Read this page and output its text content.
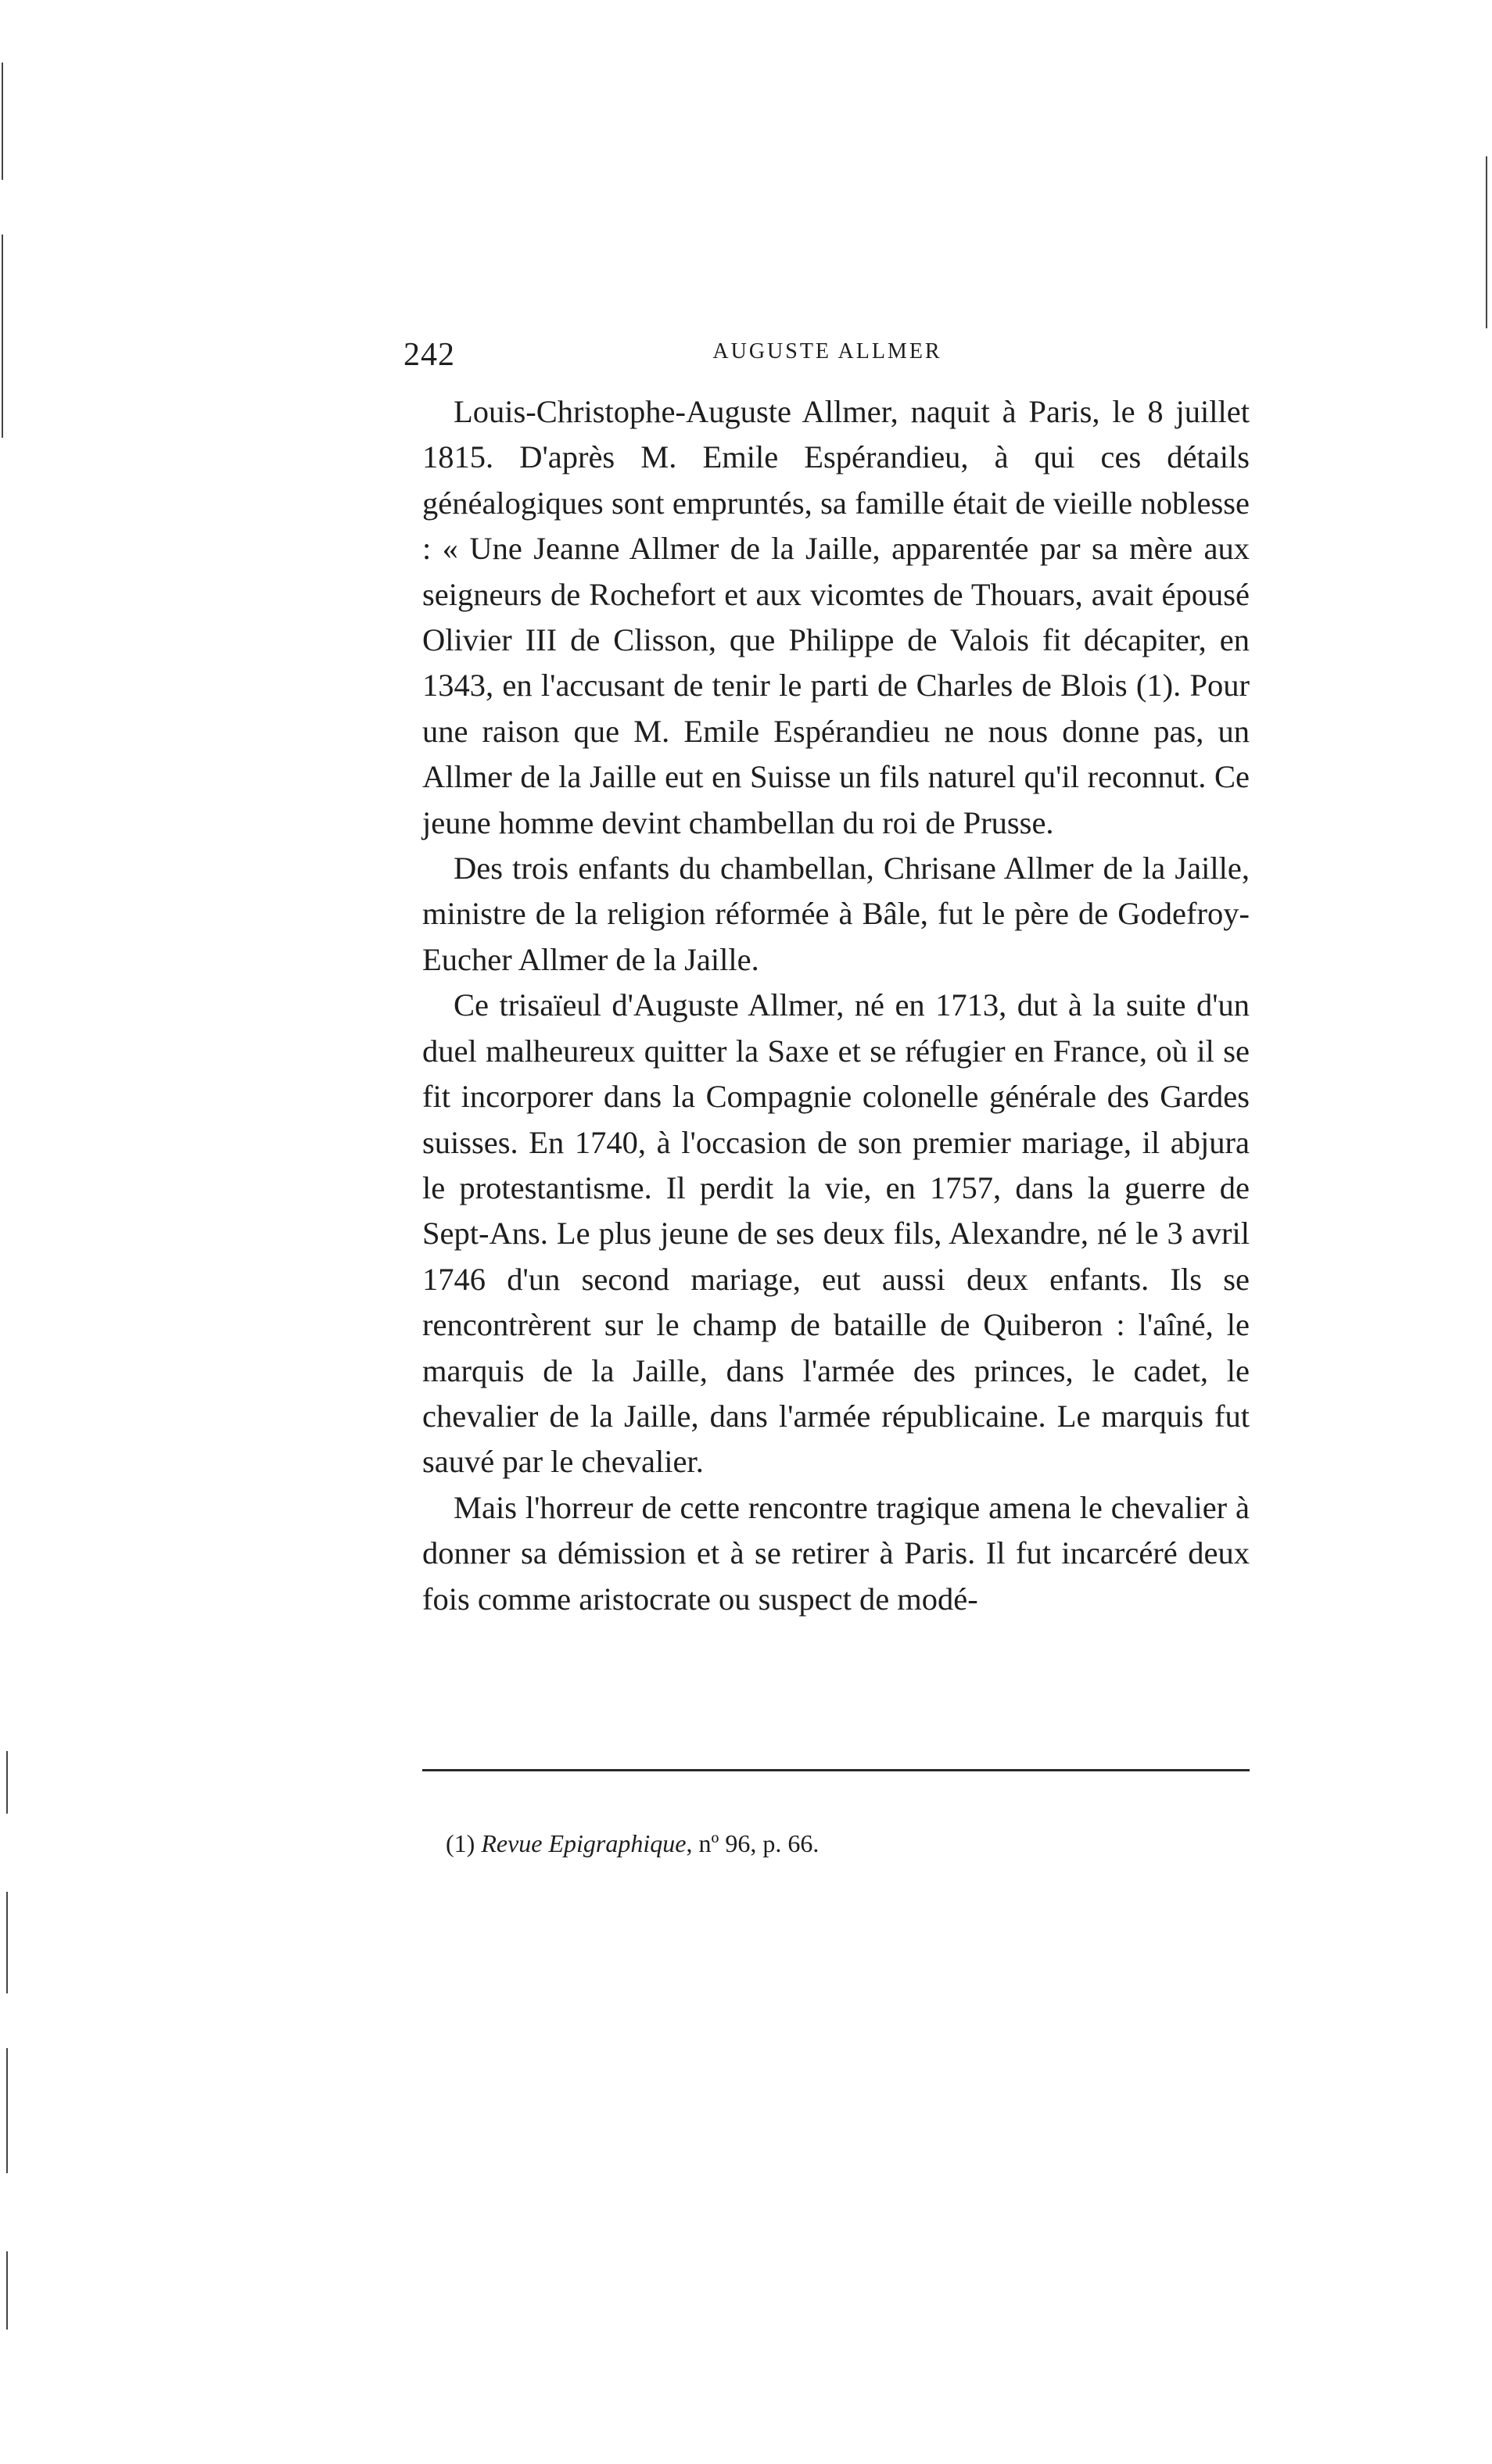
242	AUGUSTE ALLMER

Louis-Christophe-Auguste Allmer, naquit à Paris, le 8 juillet 1815. D'après M. Emile Espérandieu, à qui ces détails généalogiques sont empruntés, sa famille était de vieille noblesse : « Une Jeanne Allmer de la Jaille, apparentée par sa mère aux seigneurs de Rochefort et aux vicomtes de Thouars, avait épousé Olivier III de Clisson, que Philippe de Valois fit décapiter, en 1343, en l'accusant de tenir le parti de Charles de Blois (1). Pour une raison que M. Emile Espérandieu ne nous donne pas, un Allmer de la Jaille eut en Suisse un fils naturel qu'il reconnut. Ce jeune homme devint chambellan du roi de Prusse.

Des trois enfants du chambellan, Chrisane Allmer de la Jaille, ministre de la religion réformée à Bâle, fut le père de Godefroy-Eucher Allmer de la Jaille.

Ce trisaïeul d'Auguste Allmer, né en 1713, dut à la suite d'un duel malheureux quitter la Saxe et se réfugier en France, où il se fit incorporer dans la Compagnie colonelle générale des Gardes suisses. En 1740, à l'occasion de son premier mariage, il abjura le protestantisme. Il perdit la vie, en 1757, dans la guerre de Sept-Ans. Le plus jeune de ses deux fils, Alexandre, né le 3 avril 1746 d'un second mariage, eut aussi deux enfants. Ils se rencontrèrent sur le champ de bataille de Quiberon : l'aîné, le marquis de la Jaille, dans l'armée des princes, le cadet, le chevalier de la Jaille, dans l'armée républicaine. Le marquis fut sauvé par le chevalier.

Mais l'horreur de cette rencontre tragique amena le chevalier à donner sa démission et à se retirer à Paris. Il fut incarcéré deux fois comme aristocrate ou suspect de modé-

(1) Revue Epigraphique, nº 96, p. 66.
